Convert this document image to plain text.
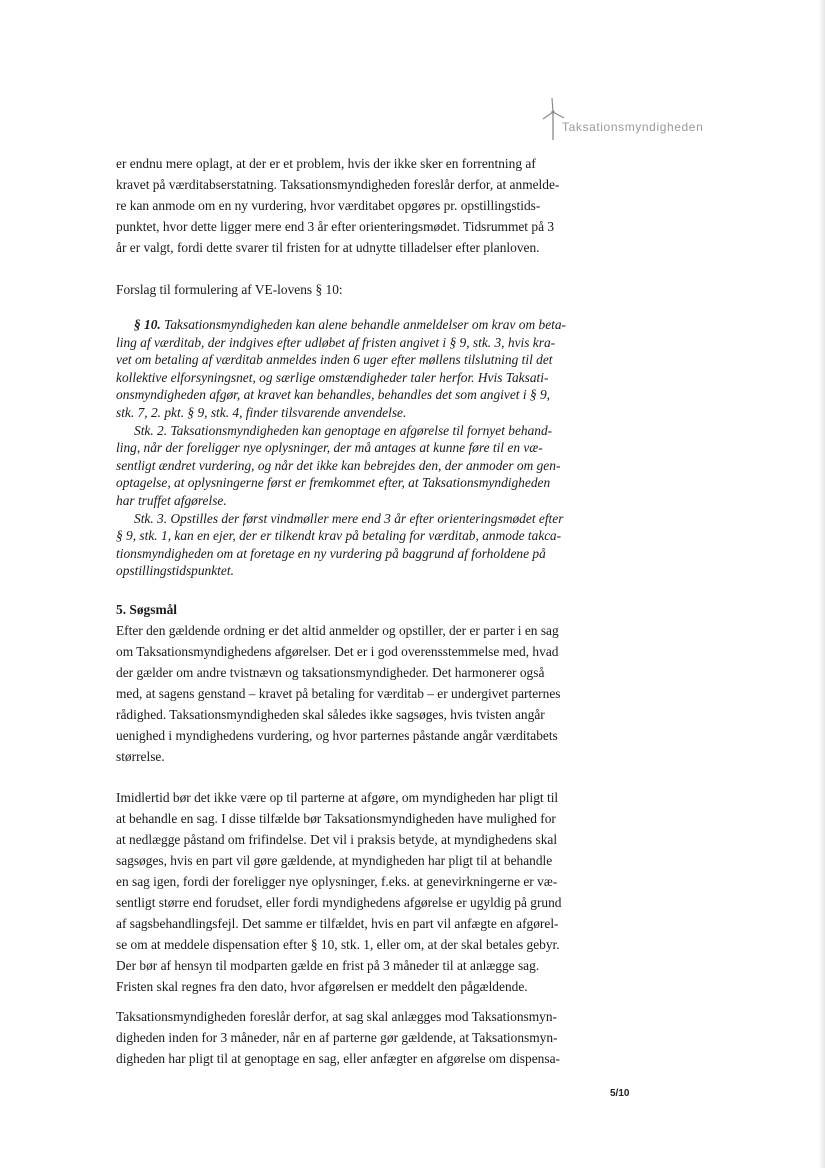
Taksationsmyndigheden
er endnu mere oplagt, at der er et problem, hvis der ikke sker en forrentning af
kravet på værditabserstatning. Taksationsmyndigheden foreslår derfor, at anmelde-
re kan anmode om en ny vurdering, hvor værditabet opgøres pr. opstillingstids-
punktet, hvor dette ligger mere end 3 år efter orienteringsmødet. Tidsrummet på 3
år er valgt, fordi dette svarer til fristen for at udnytte tilladelser efter planloven.
Forslag til formulering af VE-lovens § 10:
§ 10. Taksationsmyndigheden kan alene behandle anmeldelser om krav om beta-
ling af værditab, der indgives efter udløbet af fristen angivet i § 9, stk. 3, hvis kra-
vet om betaling af værditab anmeldes inden 6 uger efter møllens tilslutning til det
kollektive elforsyningsnet, og særlige omstændigheder taler herfor. Hvis Taksati-
onsmyndigheden afgør, at kravet kan behandles, behandles det som angivet i § 9,
stk. 7, 2. pkt. § 9, stk. 4, finder tilsvarende anvendelse.
Stk. 2. Taksationsmyndigheden kan genoptage en afgørelse til fornyet behand-
ling, når der foreligger nye oplysninger, der må antages at kunne føre til en væ-
sentligt ændret vurdering, og når det ikke kan bebrejdes den, der anmoder om gen-
optagelse, at oplysningerne først er fremkommet efter, at Taksationsmyndigheden
har truffet afgørelse.
Stk. 3. Opstilles der først vindmøller mere end 3 år efter orienteringsmødet efter
§ 9, stk. 1, kan en ejer, der er tilkendt krav på betaling for værditab, anmode takса-
tionsmyndigheden om at foretage en ny vurdering på baggrund af forholdene på
opstillingstidspunktet.
5. Søgsmål
Efter den gældende ordning er det altid anmelder og opstiller, der er parter i en sag
om Taksationsmyndighedens afgørelser. Det er i god overensstemmelse med, hvad
der gælder om andre tvistnævn og taksationsmyndigheder. Det harmonerer også
med, at sagens genstand – kravet på betaling for værditab – er undergivet parternes
rådighed. Taksationsmyndigheden skal således ikke sagsøges, hvis tvisten angår
uenighed i myndighedens vurdering, og hvor parternes påstande angår værditabets
størrelse.
Imidlertid bør det ikke være op til parterne at afgøre, om myndigheden har pligt til
at behandle en sag. I disse tilfælde bør Taksationsmyndigheden have mulighed for
at nedlægge påstand om frifindelse. Det vil i praksis betyde, at myndighedens skal
sagsøges, hvis en part vil gøre gældende, at myndigheden har pligt til at behandle
en sag igen, fordi der foreligger nye oplysninger, f.eks. at genevirkningerne er væ-
sentligt større end forudset, eller fordi myndighedens afgørelse er ugyldig på grund
af sagsbehandlingsfejl. Det samme er tilfældet, hvis en part vil anfægte en afgørel-
se om at meddele dispensation efter § 10, stk. 1, eller om, at der skal betales gebyr.
Der bør af hensyn til modparten gælde en frist på 3 måneder til at anlægge sag.
Fristen skal regnes fra den dato, hvor afgørelsen er meddelt den pågældende.
Taksationsmyndigheden foreslår derfor, at sag skal anlægges mod Taksationsmyn-
digheden inden for 3 måneder, når en af parterne gør gældende, at Taksationsmyn-
digheden har pligt til at genoptage en sag, eller anfægter en afgørelse om dispensa-
5/10
